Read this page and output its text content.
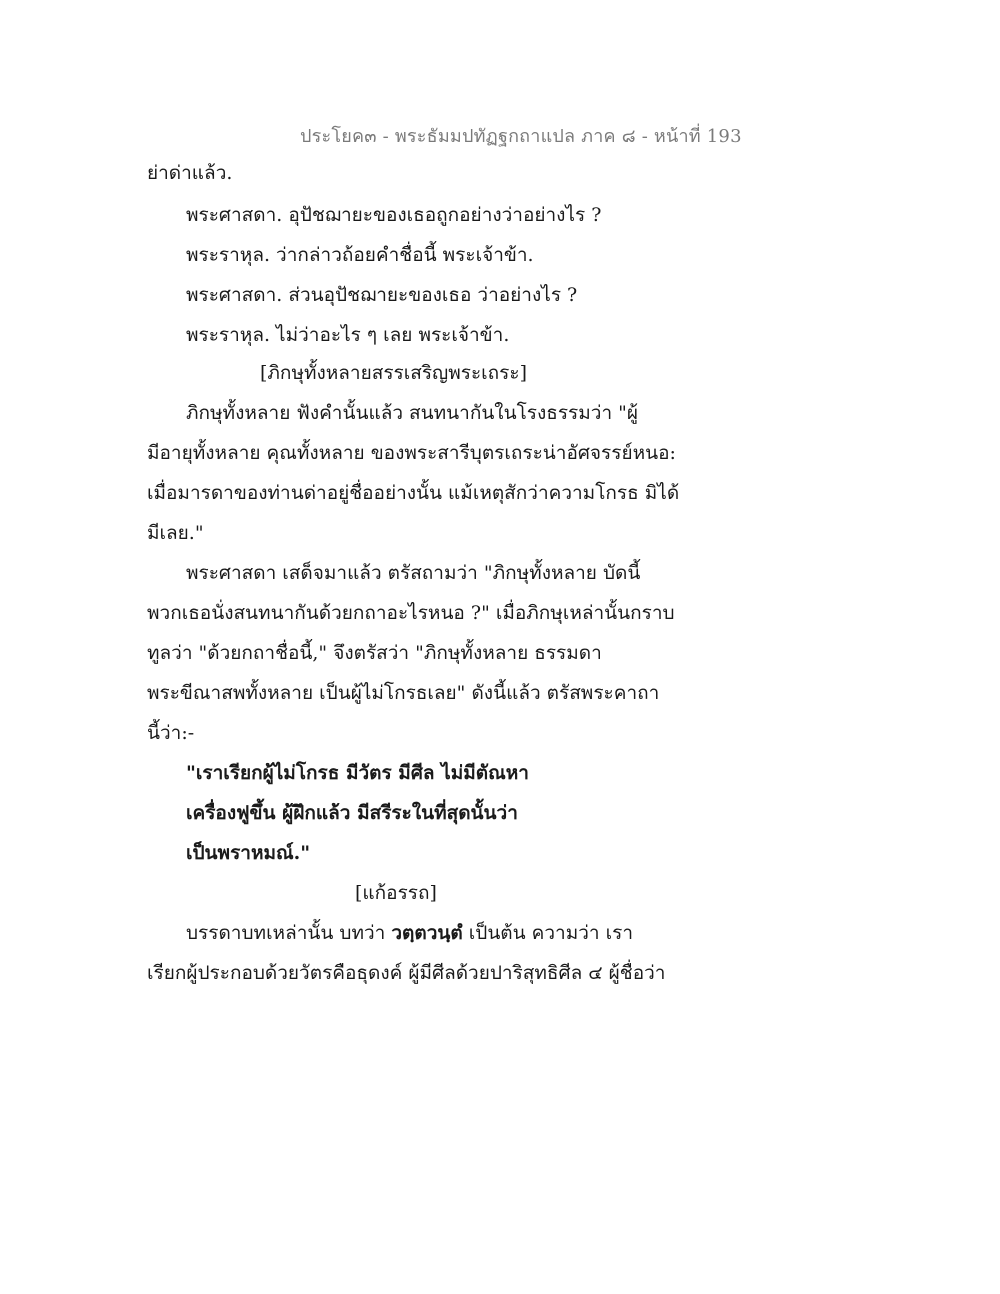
ประโยค๓ - พระธัมมปทัฏฐกถาแปล ภาค ๘ - หน้าที่ 193
ย่าด่าแล้ว.
พระศาสดา. อุปัชฌายะของเธอถูกอย่างว่าอย่างไร ?
พระราหุล. ว่ากล่าวถ้อยคำชื่อนี้ พระเจ้าข้า.
พระศาสดา. ส่วนอุปัชฌายะของเธอ ว่าอย่างไร ?
พระราหุล. ไม่ว่าอะไร ๆ เลย พระเจ้าข้า.
[ภิกษุทั้งหลายสรรเสริญพระเถระ]
ภิกษุทั้งหลาย ฟังคำนั้นแล้ว สนทนากันในโรงธรรมว่า "ผู้
มีอายุทั้งหลาย คุณทั้งหลาย ของพระสารีบุตรเถระน่าอัศจรรย์หนอ:
เมื่อมารดาของท่านด่าอยู่ชื่ออย่างนั้น แม้เหตุสักว่าความโกรธ มิได้
มีเลย."
พระศาสดา เสด็จมาแล้ว ตรัสถามว่า "ภิกษุทั้งหลาย บัดนี้
พวกเธอนั่งสนทนากันด้วยกถาอะไรหนอ ?" เมื่อภิกษุเหล่านั้นกราบ
ทูลว่า "ด้วยกถาชื่อนี้," จึงตรัสว่า "ภิกษุทั้งหลาย ธรรมดา
พระขีณาสพทั้งหลาย เป็นผู้ไม่โกรธเลย" ดังนี้แล้ว ตรัสพระคาถา
นี้ว่า:-
"เราเรียกผู้ไม่โกรธ มีวัตร มีศีล ไม่มีตัณหา
เครื่องฟูขึ้น ผู้ฝึกแล้ว มีสรีระในที่สุดนั้นว่า
เป็นพราหมณ์."
[แก้อรรถ]
บรรดาบทเหล่านั้น บทว่า วตฺตวนฺตํ เป็นต้น ความว่า เรา
เรียกผู้ประกอบด้วยวัตรคือธุดงค์ ผู้มีศีลด้วยปาริสุทธิศีล ๔ ผู้ชื่อว่า
